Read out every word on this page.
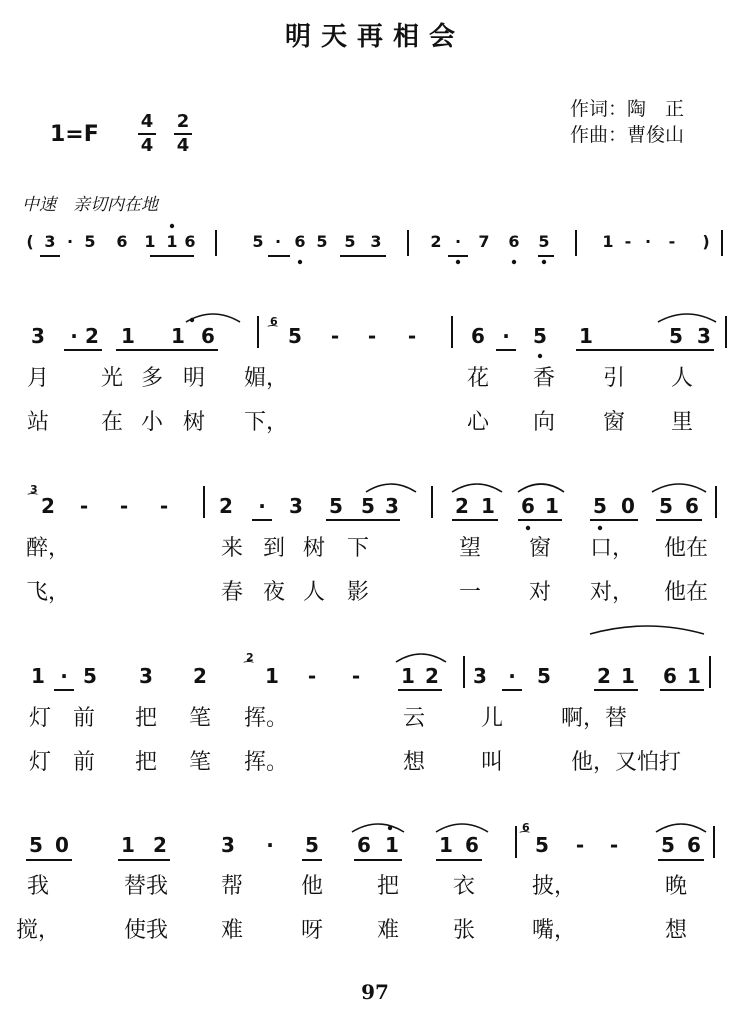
明天再相会
作词：陶　正
作曲：曹俊山
1=F
4
4
2
4
中速　亲切内在地
( 3 · 5 6 1 1 6	5 · 6 5 5 3	2 · 7 6 5	1 - · - )
3 · 2 1 1 6	5 - - -	6 · 5 1	5 3
6
⁀
月 光 多 明 媚，	花 香 引 人
站 在 小 树 下，	心 向 窗 里
2 - - -	2 · 3 5 5 3	2 1 6 1 5 0 5 6
3
⁀
醉，	来 到 树 下	望 窗 口， 他在
飞，	春 夜 人 影	一 对 对， 他在
1 · 5 3 2	1 - - 1 2 3 · 5 2 1 6 1
2
⁀
灯 前 把 笔 挥。	云	儿	啊，替
灯 前 把 笔 挥。	想	叫	他，又怕打
5 0	1 2	3 · 5 6 1 1 6	5 - - 5 6
6
⁀
我	替我 帮	他 把 衣	披，	晚
搅，	使我 难	呀 难 张	嘴，	想
97
